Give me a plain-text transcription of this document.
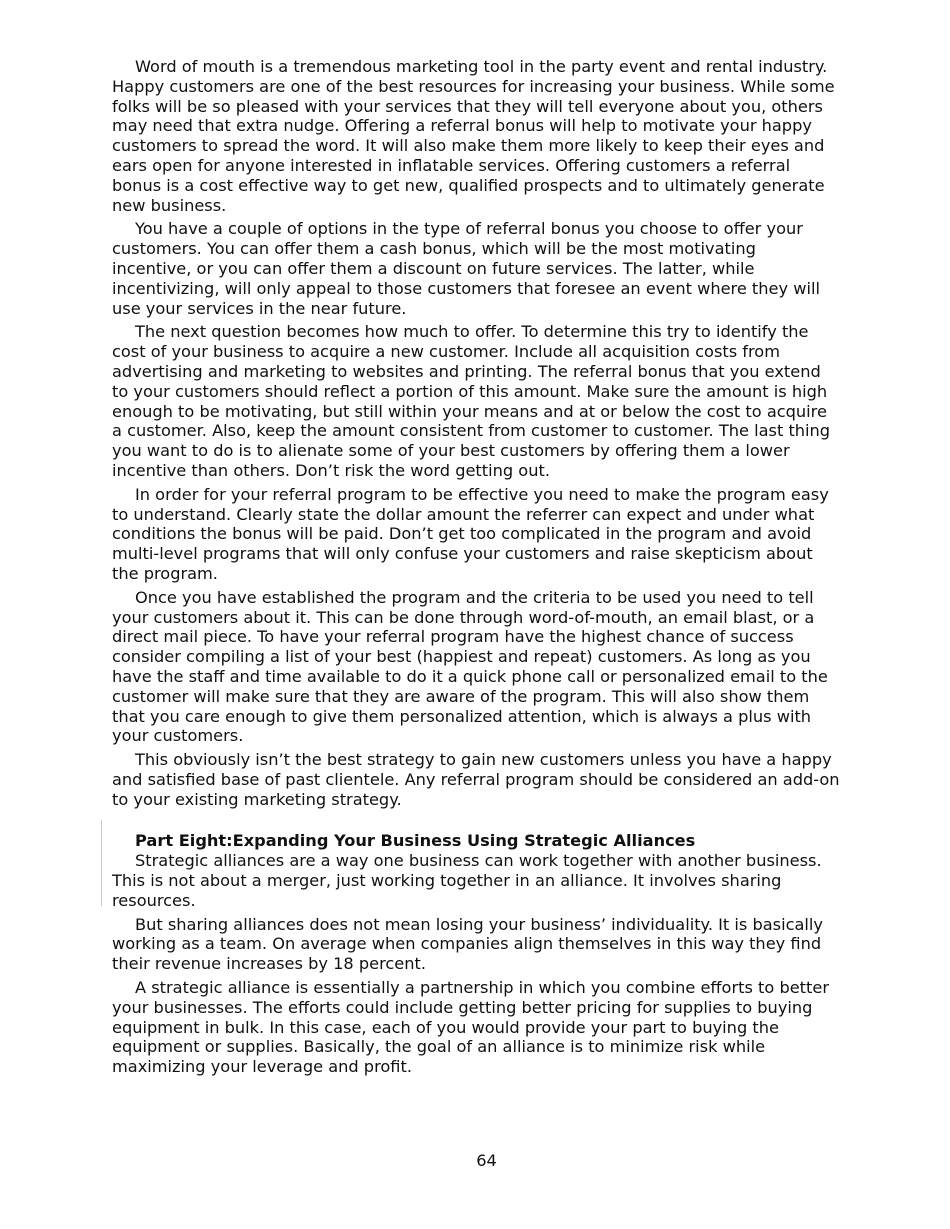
Word of mouth is a tremendous marketing tool in the party event and rental industry. Happy customers are one of the best resources for increasing your business. While some folks will be so pleased with your services that they will tell everyone about you, others may need that extra nudge. Offering a referral bonus will help to motivate your happy customers to spread the word. It will also make them more likely to keep their eyes and ears open for anyone interested in inflatable services. Offering customers a referral bonus is a cost effective way to get new, qualified prospects and to ultimately generate new business.

You have a couple of options in the type of referral bonus you choose to offer your customers. You can offer them a cash bonus, which will be the most motivating incentive, or you can offer them a discount on future services. The latter, while incentivizing, will only appeal to those customers that foresee an event where they will use your services in the near future.

The next question becomes how much to offer. To determine this try to identify the cost of your business to acquire a new customer. Include all acquisition costs from advertising and marketing to websites and printing. The referral bonus that you extend to your customers should reflect a portion of this amount. Make sure the amount is high enough to be motivating, but still within your means and at or below the cost to acquire a customer. Also, keep the amount consistent from customer to customer. The last thing you want to do is to alienate some of your best customers by offering them a lower incentive than others. Don’t risk the word getting out.

In order for your referral program to be effective you need to make the program easy to understand. Clearly state the dollar amount the referrer can expect and under what conditions the bonus will be paid. Don’t get too complicated in the program and avoid multi-level programs that will only confuse your customers and raise skepticism about the program.

Once you have established the program and the criteria to be used you need to tell your customers about it. This can be done through word-of-mouth, an email blast, or a direct mail piece. To have your referral program have the highest chance of success consider compiling a list of your best (happiest and repeat) customers. As long as you have the staff and time available to do it a quick phone call or personalized email to the customer will make sure that they are aware of the program. This will also show them that you care enough to give them personalized attention, which is always a plus with your customers.

This obviously isn’t the best strategy to gain new customers unless you have a happy and satisfied base of past clientele. Any referral program should be considered an add-on to your existing marketing strategy.

Part Eight:Expanding Your Business Using Strategic Alliances

Strategic alliances are a way one business can work together with another business. This is not about a merger, just working together in an alliance. It involves sharing resources.

But sharing alliances does not mean losing your business’ individuality. It is basically working as a team. On average when companies align themselves in this way they find their revenue increases by 18 percent.

A strategic alliance is essentially a partnership in which you combine efforts to better your businesses. The efforts could include getting better pricing for supplies to buying equipment in bulk. In this case, each of you would provide your part to buying the equipment or supplies. Basically, the goal of an alliance is to minimize risk while maximizing your leverage and profit.

64
